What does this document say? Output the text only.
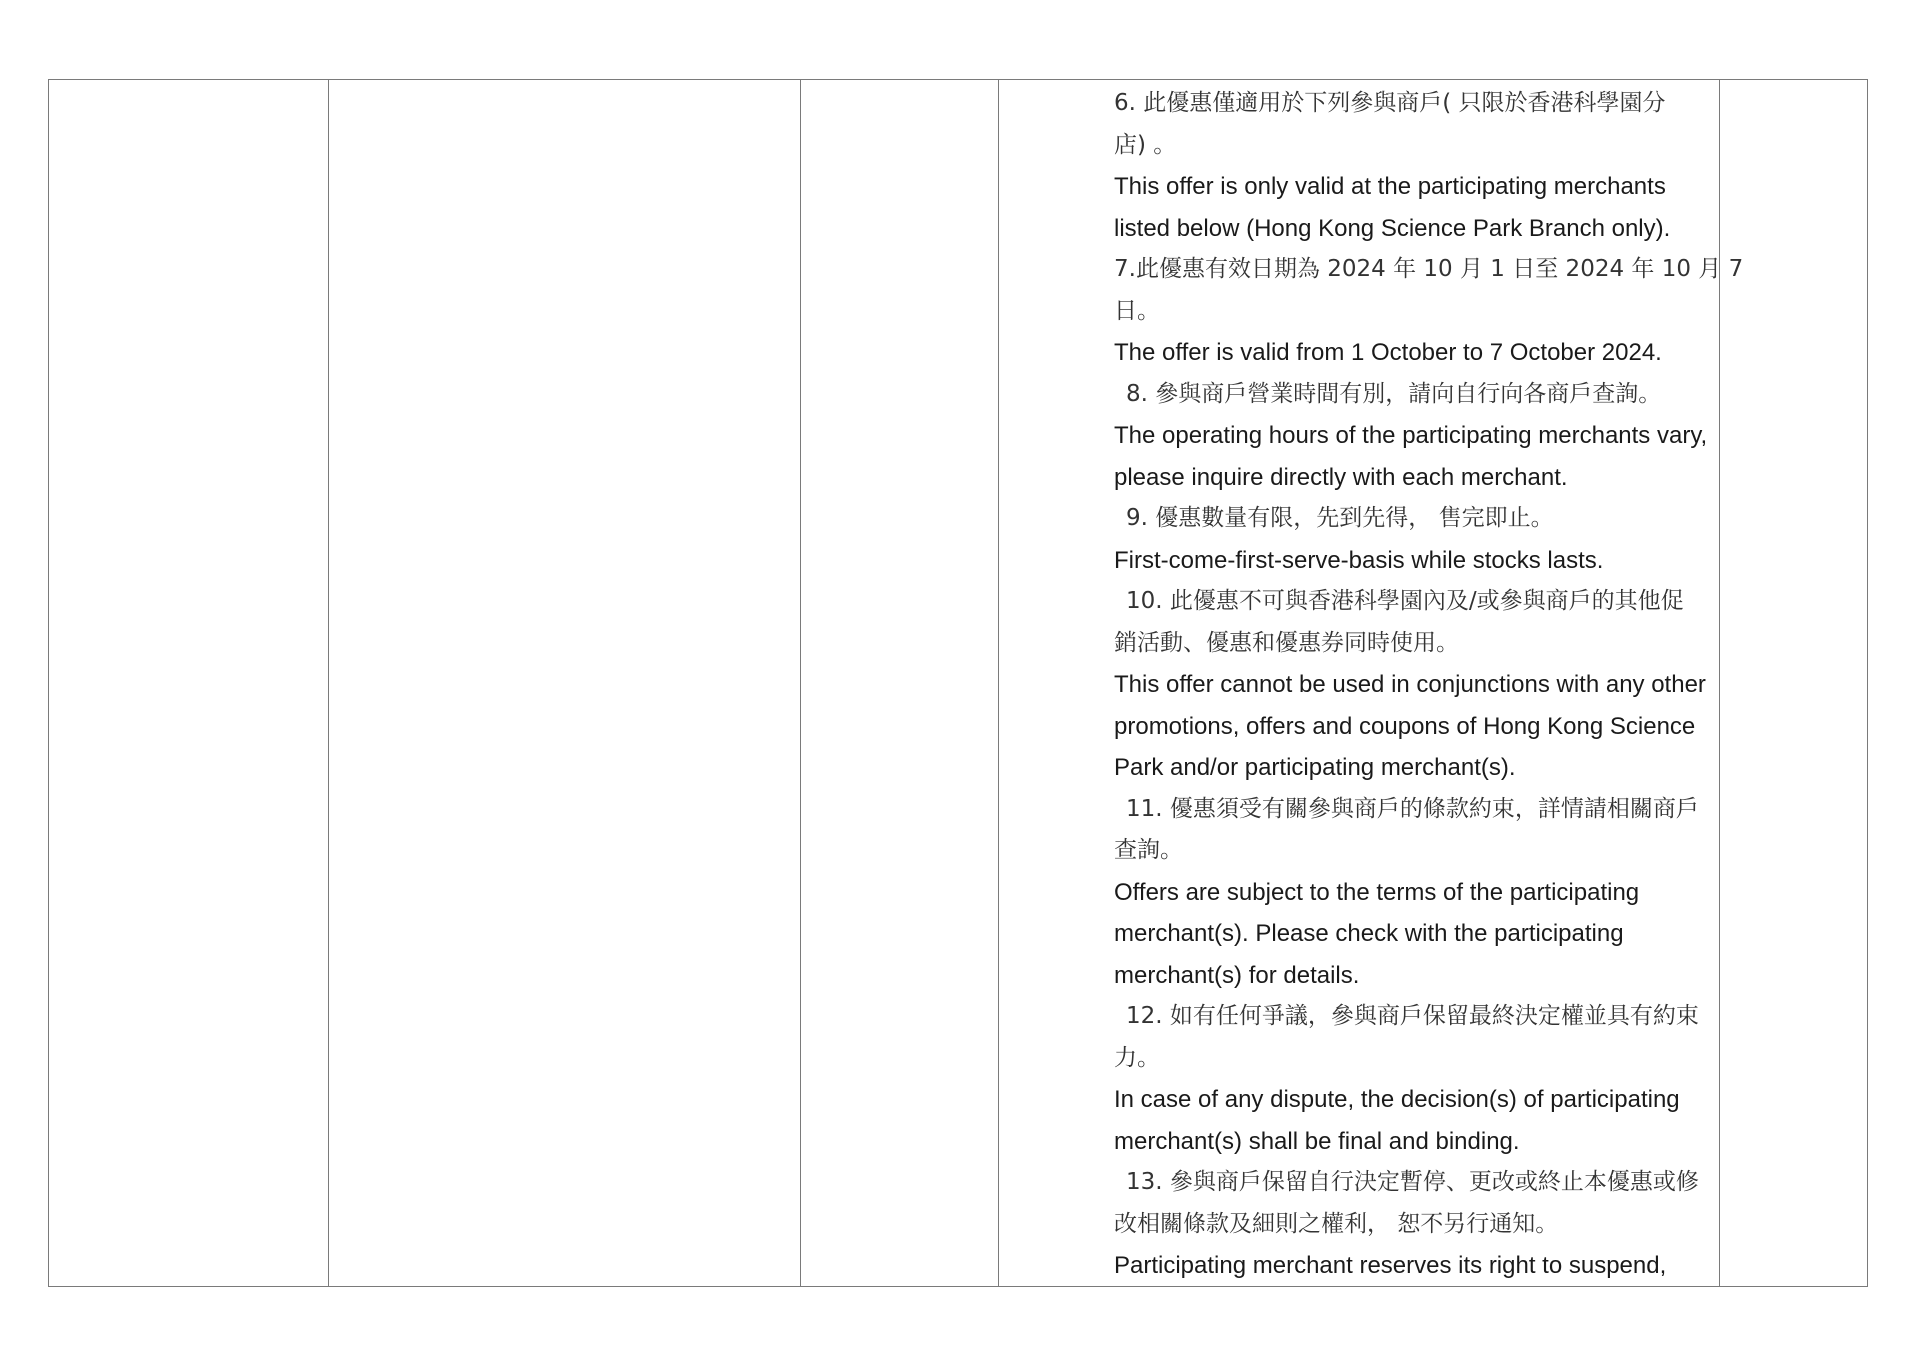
6. 此優惠僅適用於下列參與商戶( 只限於香港科學園分
店) 。
This offer is only valid at the participating merchants
listed below (Hong Kong Science Park Branch only).
7.此優惠有效日期為 2024 年 10 月 1 日至 2024 年 10 月 7
日。
The offer is valid from 1 October to 7 October 2024.
8. 參與商戶營業時間有別，請向自行向各商戶查詢。
The operating hours of the participating merchants vary,
please inquire directly with each merchant.
9. 優惠數量有限，先到先得， 售完即止。
First-come-first-serve-basis while stocks lasts.
10. 此優惠不可與香港科學園內及/或參與商戶的其他促
銷活動、優惠和優惠券同時使用。
This offer cannot be used in conjunctions with any other
promotions, offers and coupons of Hong Kong Science
Park and/or participating merchant(s).
11. 優惠須受有關參與商戶的條款約束，詳情請相關商戶
查詢。
Offers are subject to the terms of the participating
merchant(s). Please check with the participating
merchant(s) for details.
12. 如有任何爭議，參與商戶保留最終決定權並具有約束
力。
In case of any dispute, the decision(s) of participating
merchant(s) shall be final and binding.
13. 參與商戶保留自行決定暫停、更改或終止本優惠或修
改相關條款及細則之權利， 恕不另行通知。
Participating merchant reserves its right to suspend,
